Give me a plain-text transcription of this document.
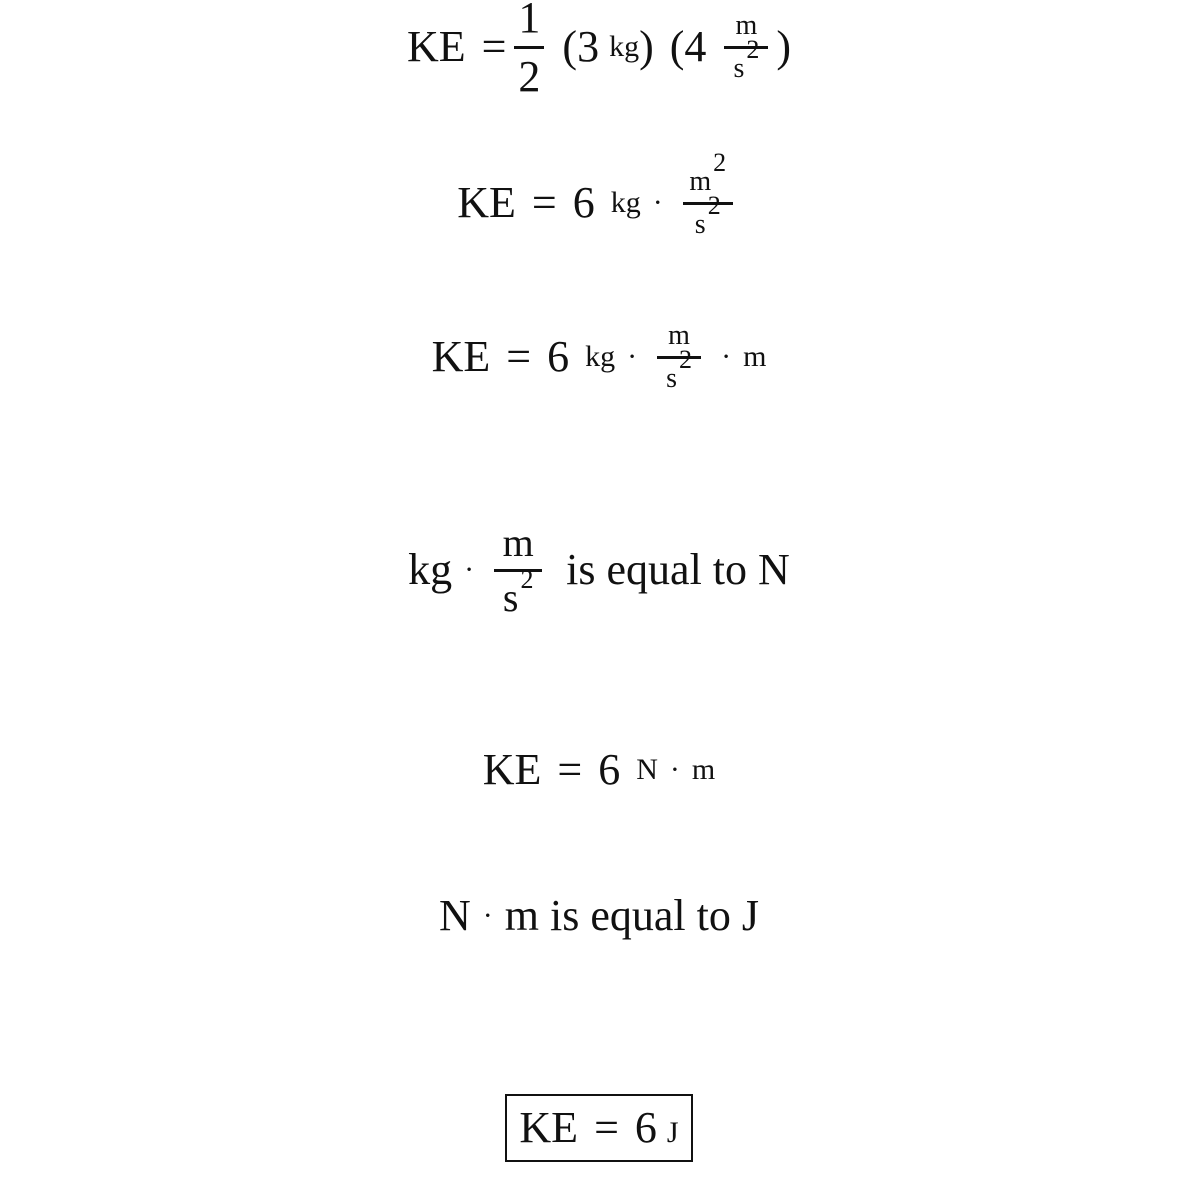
KE = $\frac{1}{2} (3$ kg ) ($4 \frac{m}{s^2}$ )
KE = 6 kg · $\frac{m^2}{s^2}$
KE = 6 kg · $\frac{m}{s^2} \cdot m$
kg · $\frac{m}{s^2}$ is equal to N
KE = 6 N · m
N · m is equal to J
KE = 6 J
